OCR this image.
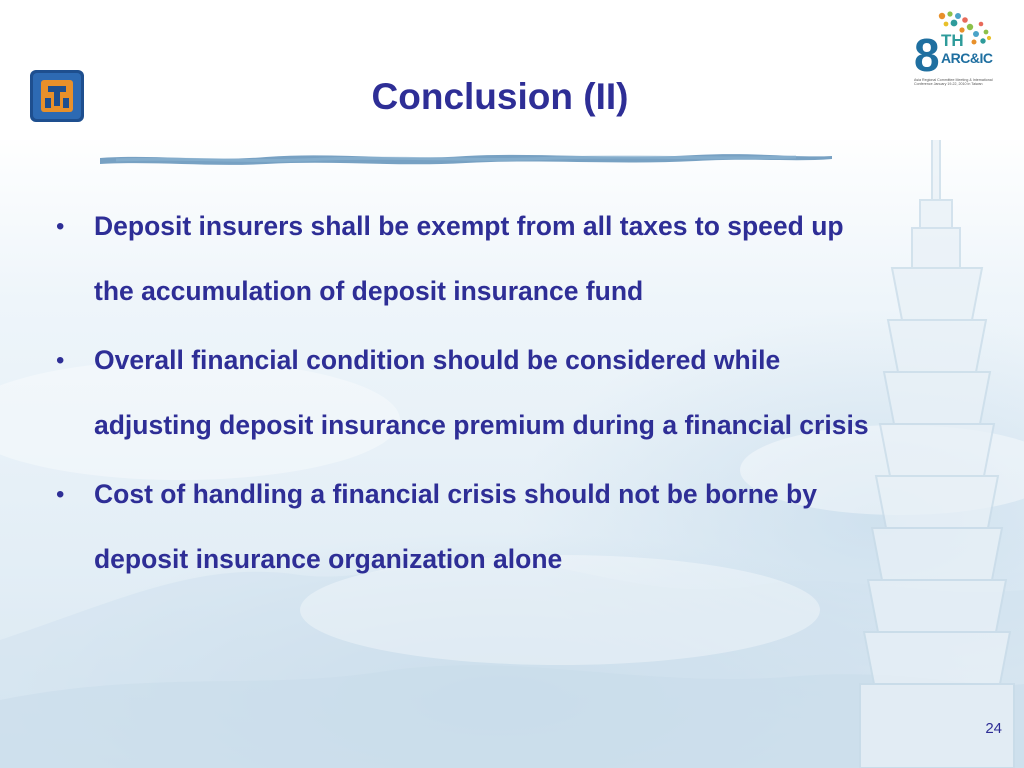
8 TH
ARC&IC
Asia Regional Committee Meeting & International Conference January 19-22, 2010 in Taiwan
Conclusion (II)
• Deposit insurers shall be exempt from all taxes to speed up the accumulation of deposit insurance fund
• Overall financial condition should be considered while adjusting deposit insurance premium during a financial crisis
• Cost of handling a financial crisis should not be borne by deposit insurance organization alone
24
